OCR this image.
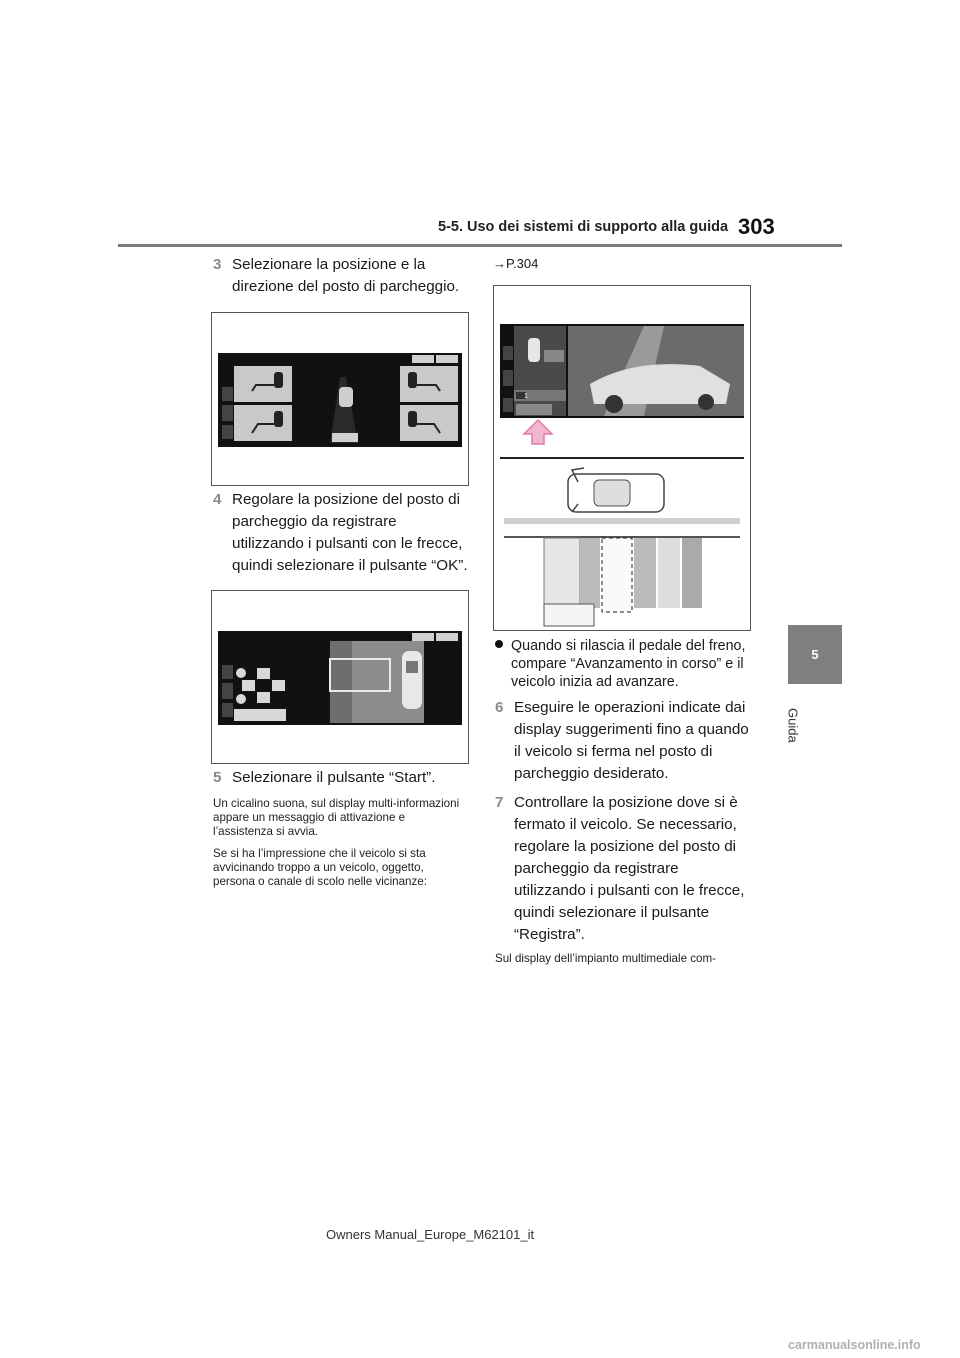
5-5. Uso dei sistemi di supporto alla guida 303
5
Guida
3 Selezionare la posizione e la direzione del posto di parcheggio.
4 Regolare la posizione del posto di parcheggio da registrare utilizzando i pulsanti con le frecce, quindi selezionare il pulsante “OK”.
5 Selezionare il pulsante “Start”.
Un cicalino suona, sul display multi-informazioni appare un messaggio di attivazione e l’assistenza si avvia.
Se si ha l’impressione che il veicolo si sta avvicinando troppo a un veicolo, oggetto, persona o canale di scolo nelle vicinanze:
→P.304
1
Quando si rilascia il pedale del freno, compare “Avanzamento in corso” e il veicolo inizia ad avanzare.
6 Eseguire le operazioni indicate dai display suggerimenti fino a quando il veicolo si ferma nel posto di parcheggio desiderato.
7 Controllare la posizione dove si è fermato il veicolo. Se necessario, regolare la posizione del posto di parcheggio da registrare utilizzando i pulsanti con le frecce, quindi selezionare il pulsante “Registra”.
Sul display dell’impianto multimediale com-
Owners Manual_Europe_M62101_it
carmanualsonline.info
